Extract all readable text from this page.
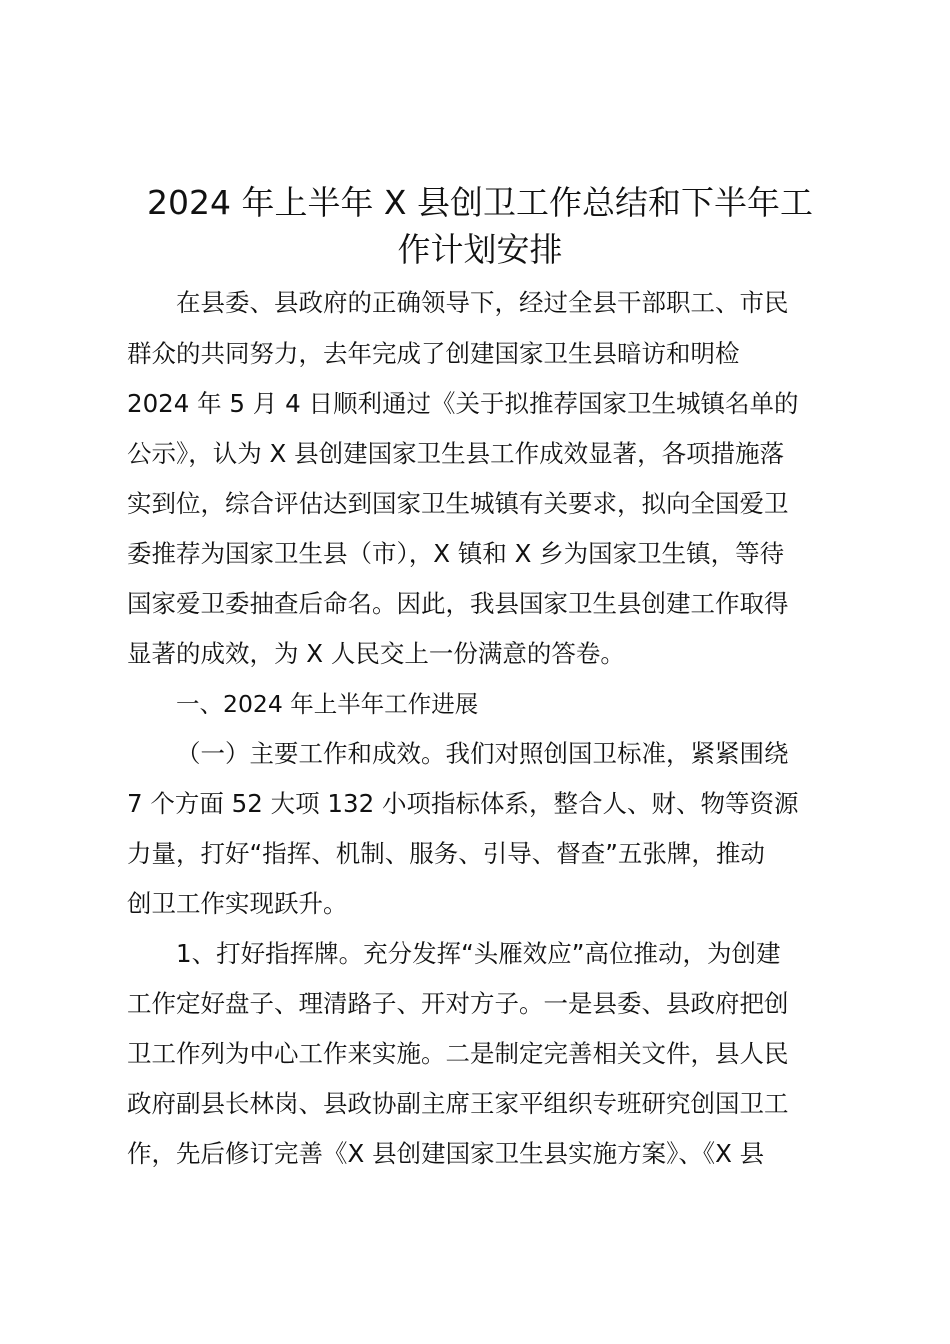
2024 年上半年 X 县创卫工作总结和下半年工
作计划安排
在县委、县政府的正确领导下，经过全县干部职工、市民
群众的共同努力，去年完成了创建国家卫生县暗访和明检
2024 年 5 月 4 日顺利通过《关于拟推荐国家卫生城镇名单的
公示》，认为 X 县创建国家卫生县工作成效显著，各项措施落
实到位，综合评估达到国家卫生城镇有关要求，拟向全国爱卫
委推荐为国家卫生县（市），X 镇和 X 乡为国家卫生镇，等待
国家爱卫委抽查后命名。因此，我县国家卫生县创建工作取得
显著的成效，为 X 人民交上一份满意的答卷。
一、2024 年上半年工作进展
（一）主要工作和成效。我们对照创国卫标准，紧紧围绕
7 个方面 52 大项 132 小项指标体系，整合人、财、物等资源
力量，打好“指挥、机制、服务、引导、督查”五张牌，推动
创卫工作实现跃升。
1、打好指挥牌。充分发挥“头雁效应”高位推动，为创建
工作定好盘子、理清路子、开对方子。一是县委、县政府把创
卫工作列为中心工作来实施。二是制定完善相关文件，县人民
政府副县长林岗、县政协副主席王家平组织专班研究创国卫工
作，先后修订完善《X 县创建国家卫生县实施方案》、《X 县
